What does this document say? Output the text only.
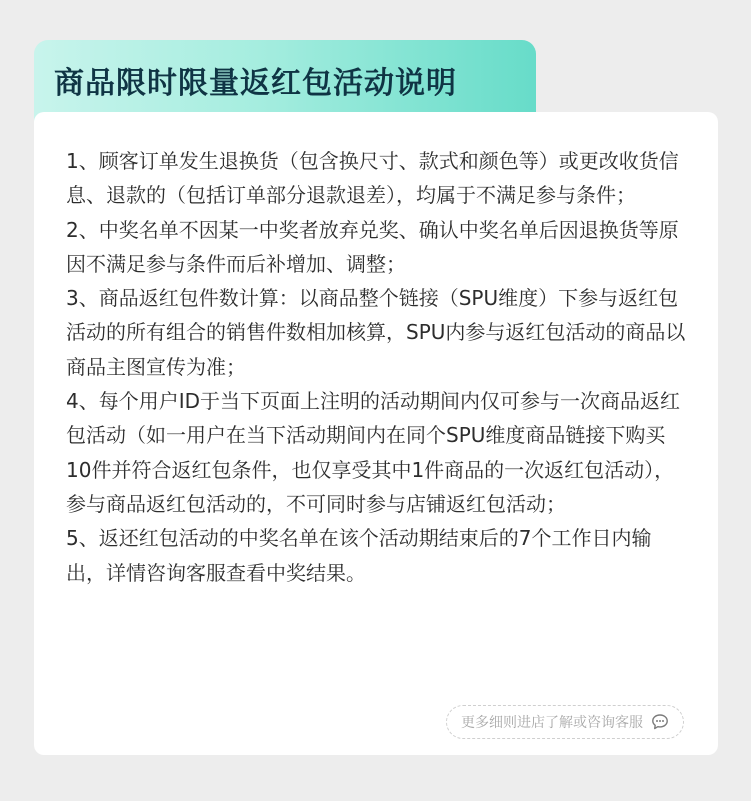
商品限时限量返红包活动说明

1、顾客订单发生退换货（包含换尺寸、款式和颜色等）或更改收货信息、退款的（包括订单部分退款退差），均属于不满足参与条件；

2、中奖名单不因某一中奖者放弃兑奖、确认中奖名单后因退换货等原因不满足参与条件而后补增加、调整；

3、商品返红包件数计算：以商品整个链接（SPU维度）下参与返红包活动的所有组合的销售件数相加核算，SPU内参与返红包活动的商品以商品主图宣传为准；

4、每个用户ID于当下页面上注明的活动期间内仅可参与一次商品返红包活动（如一用户在当下活动期间内在同个SPU维度商品链接下购买10件并符合返红包条件，也仅享受其中1件商品的一次返红包活动），参与商品返红包活动的，不可同时参与店铺返红包活动；

5、返还红包活动的中奖名单在该个活动期结束后的7个工作日内输出，详情咨询客服查看中奖结果。

更多细则进店了解或咨询客服
